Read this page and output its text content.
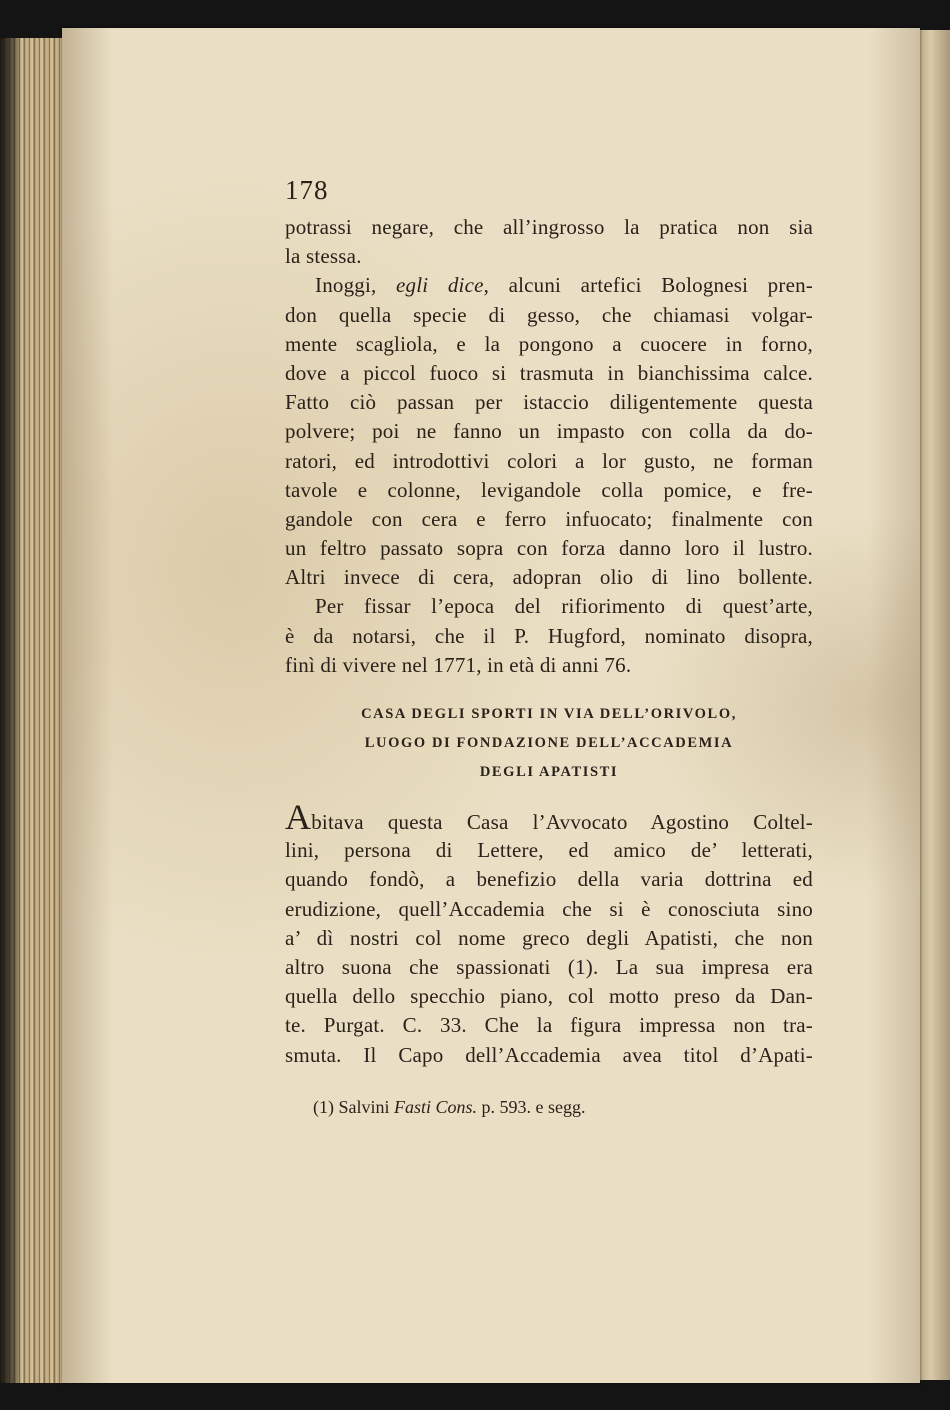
178
potrassi negare, che all’ingrosso la pratica non sia
la stessa.
Inoggi, egli dice, alcuni artefici Bolognesi pren-
don quella specie di gesso, che chiamasi volgar-
mente scagliola, e la pongono a cuocere in forno,
dove a piccol fuoco si trasmuta in bianchissima calce.
Fatto ciò passan per istaccio diligentemente questa
polvere; poi ne fanno un impasto con colla da do-
ratori, ed introdottivi colori a lor gusto, ne forman
tavole e colonne, levigandole colla pomice, e fre-
gandole con cera e ferro infuocato; finalmente con
un feltro passato sopra con forza danno loro il lustro.
Altri invece di cera, adopran olio di lino bollente.
Per fissar l’epoca del rifiorimento di quest’arte,
è da notarsi, che il P. Hugford, nominato disopra,
finì di vivere nel 1771, in età di anni 76.
CASA DEGLI SPORTI IN VIA DELL’ORIVOLO,
LUOGO DI FONDAZIONE DELL’ACCADEMIA
DEGLI APATISTI
Abitava questa Casa l’Avvocato Agostino Coltel-
lini, persona di Lettere, ed amico de’ letterati,
quando fondò, a benefizio della varia dottrina ed
erudizione, quell’Accademia che si è conosciuta sino
a’ dì nostri col nome greco degli Apatisti, che non
altro suona che spassionati (1). La sua impresa era
quella dello specchio piano, col motto preso da Dan-
te. Purgat. C. 33. Che la figura impressa non tra-
smuta. Il Capo dell’Accademia avea titol d’Apati-
(1) Salvini Fasti Cons. p. 593. e segg.
